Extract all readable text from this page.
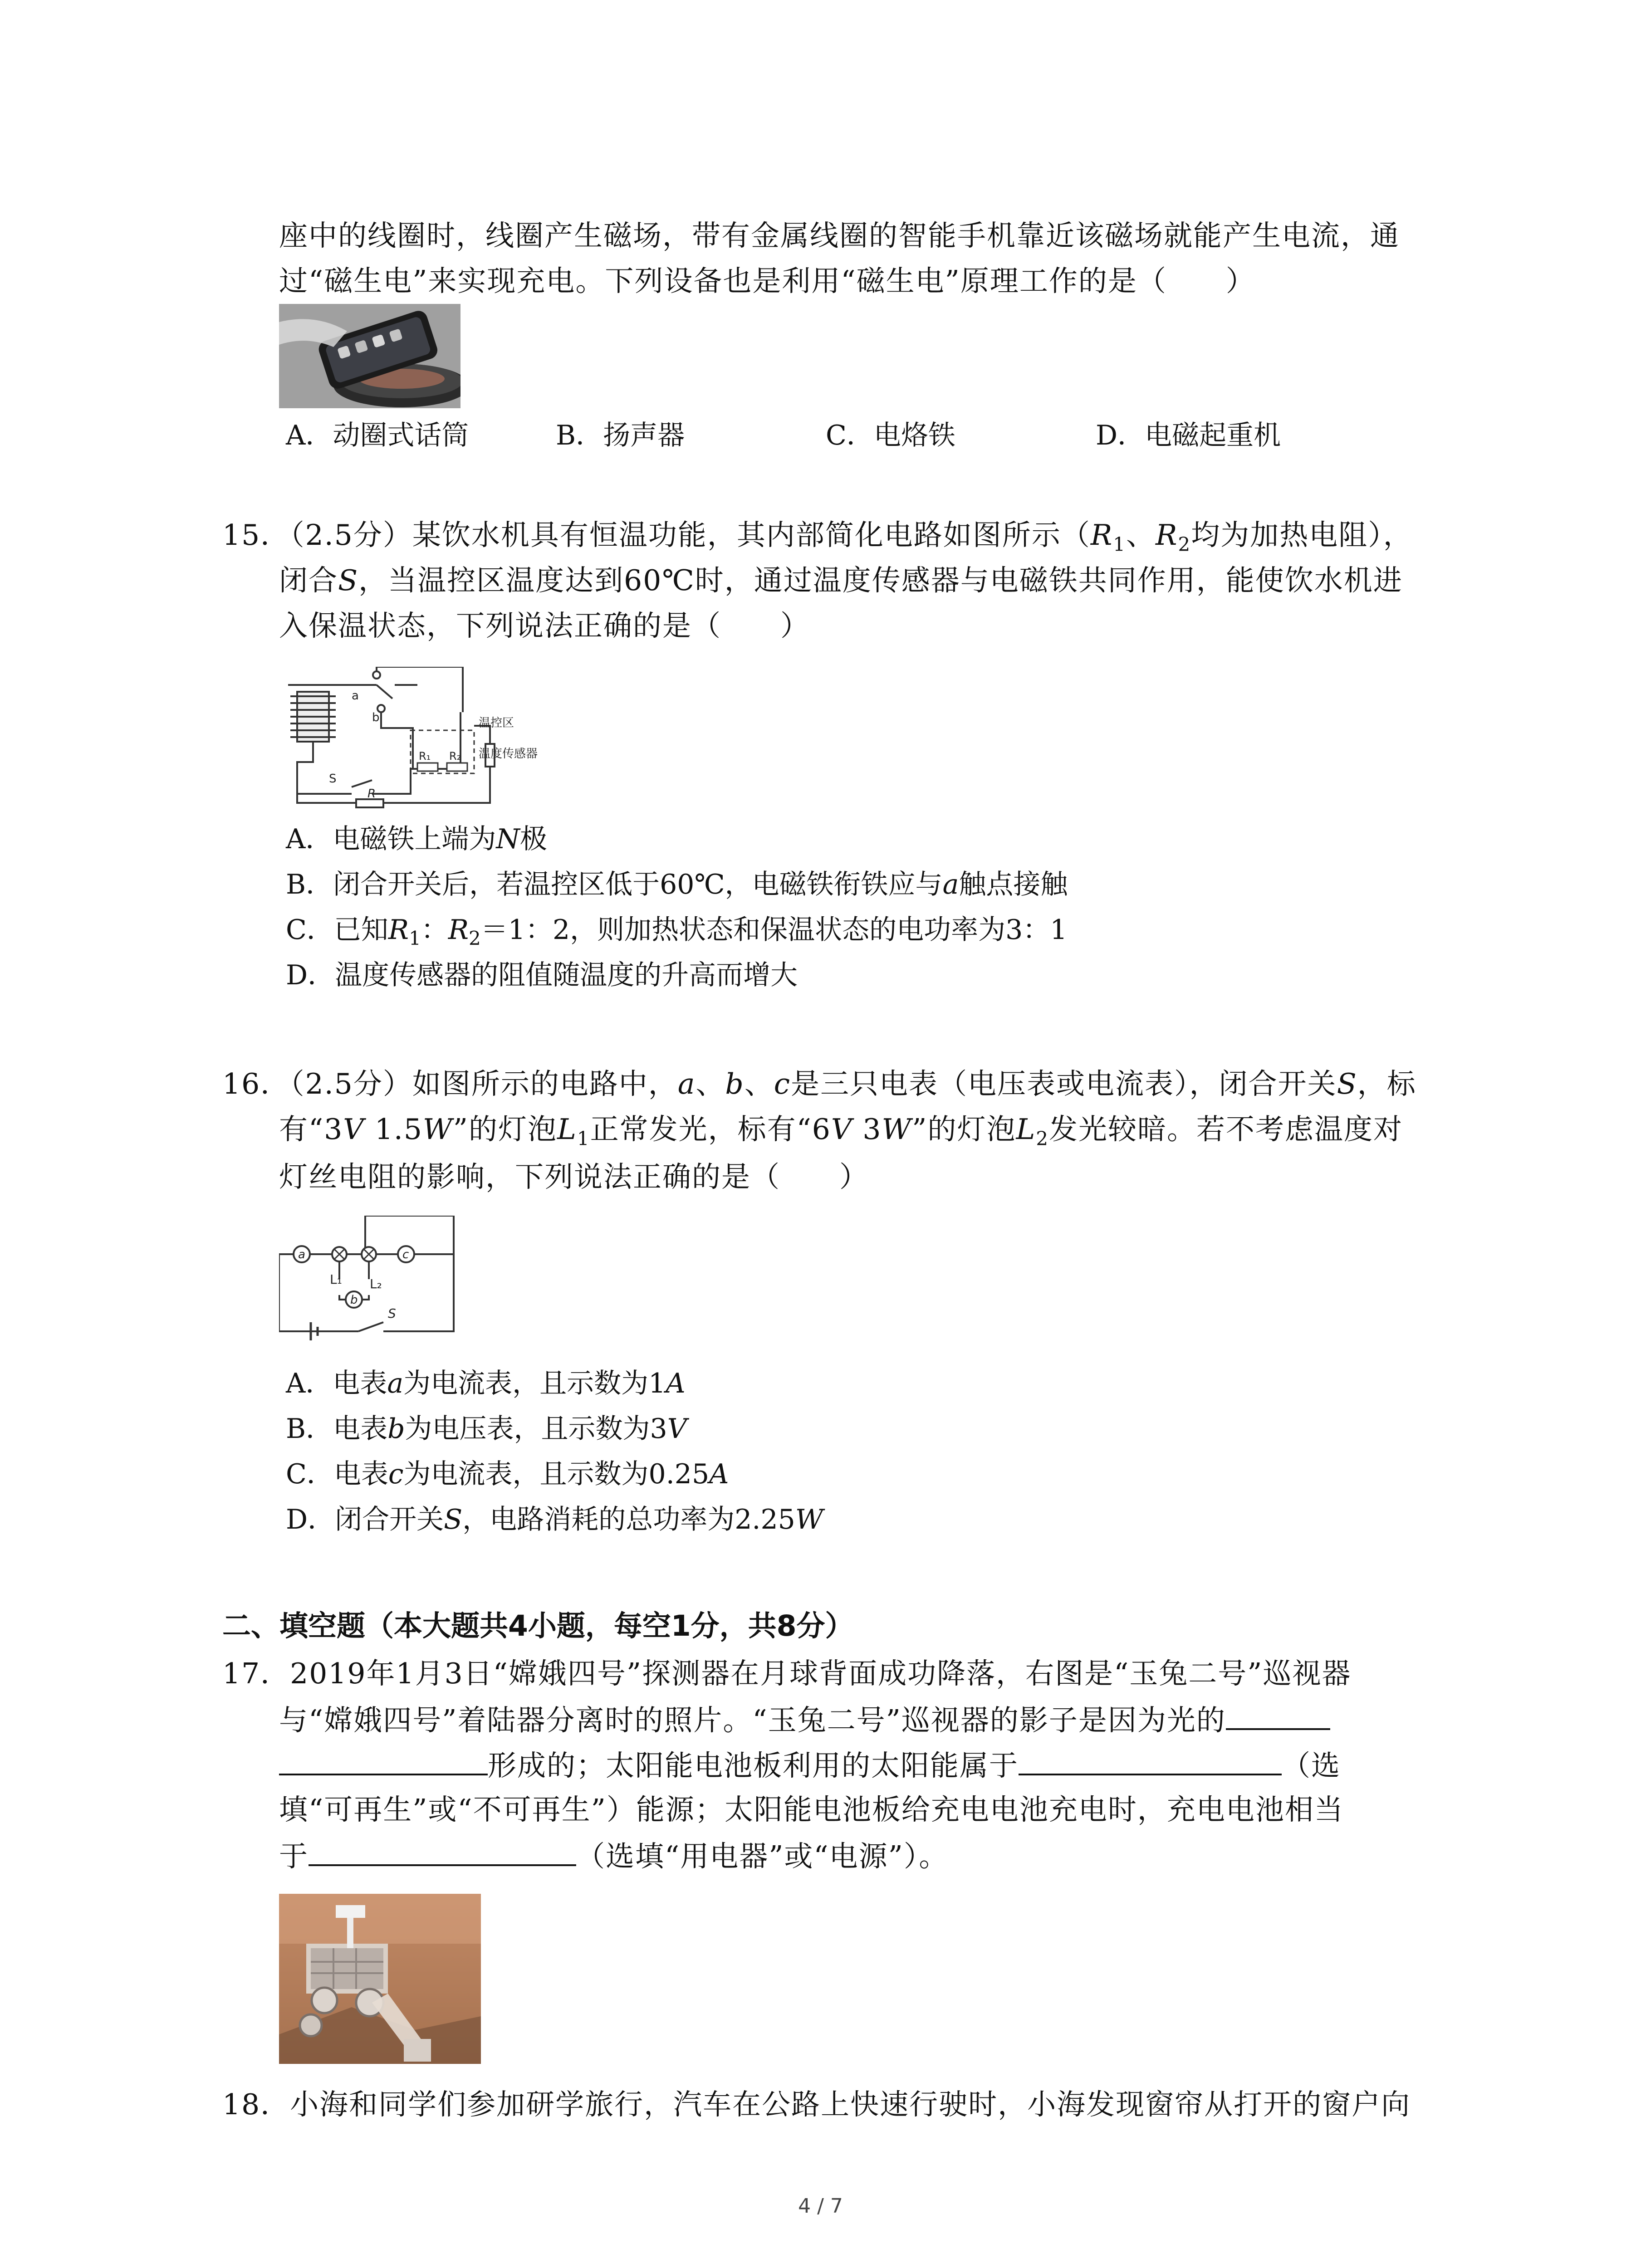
座中的线圈时，线圈产生磁场，带有金属线圈的智能手机靠近该磁场就能产生电流，通
过“磁生电”来实现充电。下列设备也是利用“磁生电”原理工作的是（　　）
A．动圈式话筒	B．扬声器	C．电烙铁	D．电磁起重机
15．（2.5分）某饮水机具有恒温功能，其内部简化电路如图所示（$R_1$、$R_2$均为加热电阻），
闭合S，当温控区温度达到60℃时，通过温度传感器与电磁铁共同作用，能使饮水机进
入保温状态，下列说法正确的是（　　）
a
b
R₁ R₂
S
R
温控区
温度传感器
A．电磁铁上端为N极
B．闭合开关后，若温控区低于60℃，电磁铁衔铁应与a触点接触
C．已知$R_1$：$R_2=1$：2，则加热状态和保温状态的电功率为3：1
D．温度传感器的阻值随温度的升高而增大
16．（2.5分）如图所示的电路中，a、b、c是三只电表（电压表或电流表），闭合开关S，标
有“3V 1.5W”的灯泡$L_1$正常发光，标有“6V 3W”的灯泡$L_2$发光较暗。若不考虑温度对
灯丝电阻的影响，下列说法正确的是（　　）
a
b
c
L₁ L₂
S
A．电表a为电流表，且示数为1A
B．电表b为电压表，且示数为3V
C．电表c为电流表，且示数为0.25A
D．闭合开关S，电路消耗的总功率为2.25W
二、填空题（本大题共4小题，每空1分，共8分）
17．2019年1月3日“嫦娥四号”探测器在月球背面成功降落，右图是“玉兔二号”巡视器
与“嫦娥四号”着陆器分离时的照片。“玉兔二号”巡视器的影子是因为光的
形成的；太阳能电池板利用的太阳能属于	（选
填“可再生”或“不可再生”）能源；太阳能电池板给充电电池充电时，充电电池相当
于	（选填“用电器”或“电源”）。
18．小海和同学们参加研学旅行，汽车在公路上快速行驶时，小海发现窗帘从打开的窗户向
4 / 7
